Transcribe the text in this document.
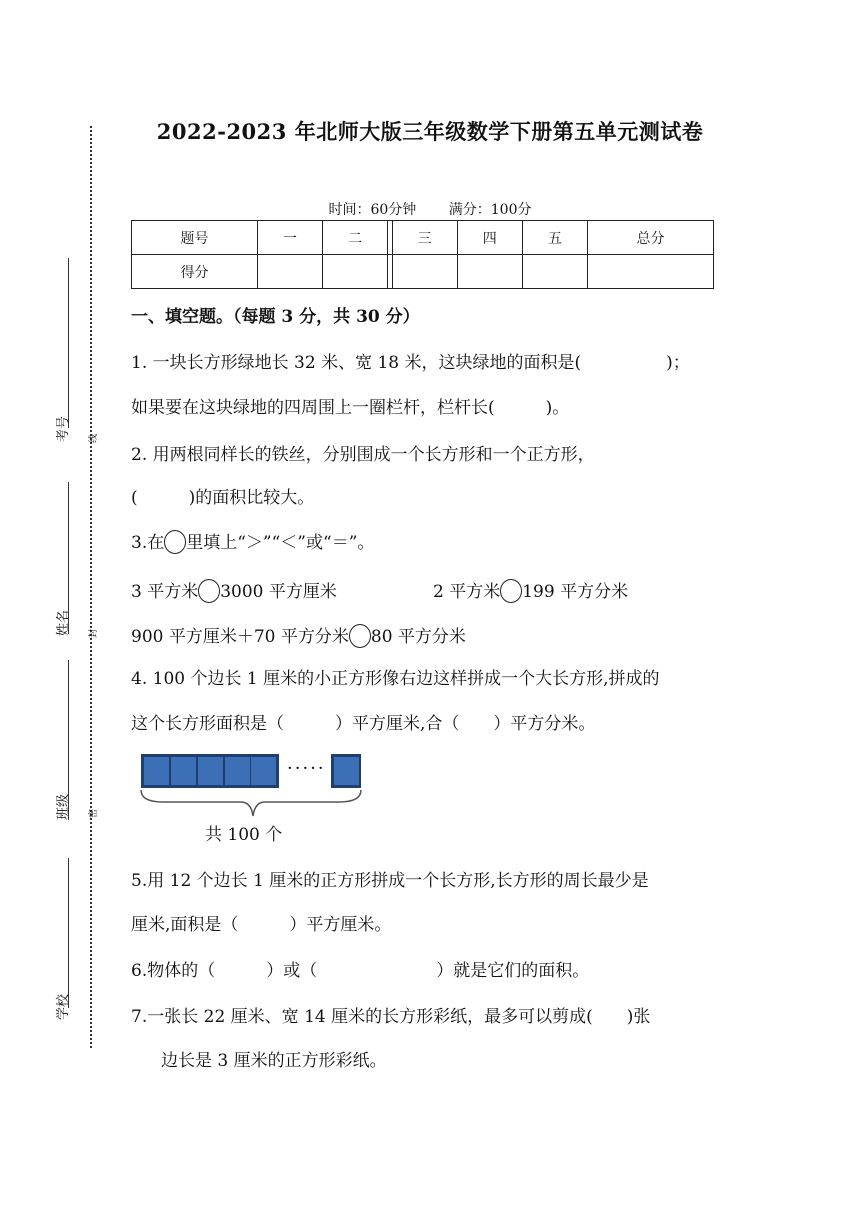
考号	线
姓名	封
班级	密
学校
2022-2023 年北师大版三年级数学下册第五单元测试卷
时间：60分钟 满分：100分
题号	一	二		三	四	五	总分
得分							
一、填空题。（每题 3 分，共 30 分）
1. 一块长方形绿地长 32 米、宽 18 米，这块绿地的面积是(　　　　　)；
如果要在这块绿地的四周围上一圈栏杆，栏杆长(　　　)。
2. 用两根同样长的铁丝，分别围成一个长方形和一个正方形，
(　　　)的面积比较大。
3.在 里填上“＞”“＜”或“＝”。
3 平方米 3000 平方厘米	2 平方米 199 平方分米
900 平方厘米＋70 平方分米 80 平方分米
4. 100 个边长 1 厘米的小正方形像右边这样拼成一个大长方形,拼成的
这个长方形面积是（　　　）平方厘米,合（　　）平方分米。
·····
共 100 个
5.用 12 个边长 1 厘米的正方形拼成一个长方形,长方形的周长最少是
厘米,面积是（　　　）平方厘米。
6.物体的（　　　）或（　　　　　　　）就是它们的面积。
7.一张长 22 厘米、宽 14 厘米的长方形彩纸，最多可以剪成(　　)张
边长是 3 厘米的正方形彩纸。
